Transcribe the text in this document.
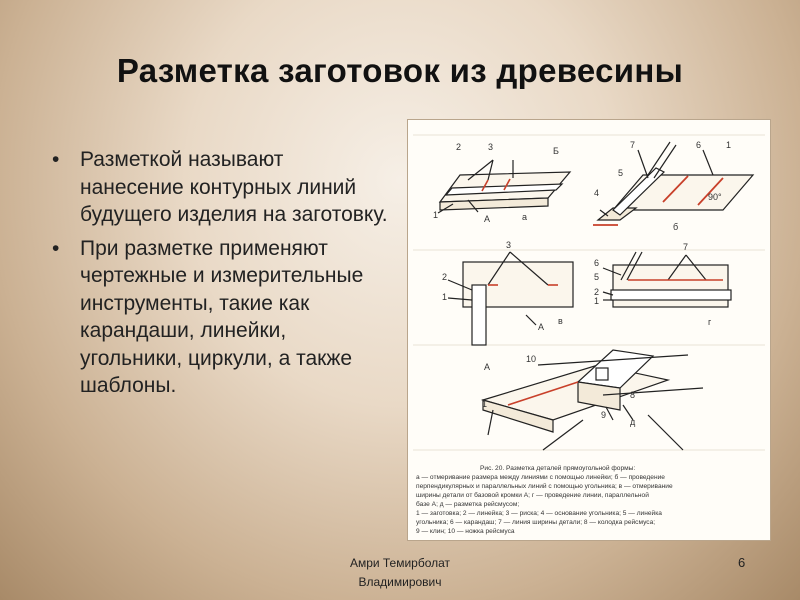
Разметка заготовок из древесины
• Разметкой называют нанесение контурных линий будущего изделия на заготовку.
• При разметке применяют чертежные и измерительные инструменты, такие как карандаши, линейки, угольники, циркули, а также шаблоны.
2	3	Б
1	А	а
5
б
6
4
7	1
3
2
1
А
в
6
2
1
7
5
г
10
А
8
1
9
д
90°
Рис. 20. Разметка деталей прямоугольной формы:
а — отмеривание размера между линиями с помощью линейки; б — проведение
перпендикулярных и параллельных линий с помощью угольника; в — отмеривание
ширины детали от базовой кромки А; г — проведение линии, параллельной
базе А; д — разметка рейсмусом;
1 — заготовка; 2 — линейка; 3 — риска; 4 — основание угольника; 5 — линейка
угольника; 6 — карандаш; 7 — линия ширины детали; 8 — колодка рейсмуса;
9 — клин; 10 — ножка рейсмуса
Амри Темирболат
Владимирович
6
